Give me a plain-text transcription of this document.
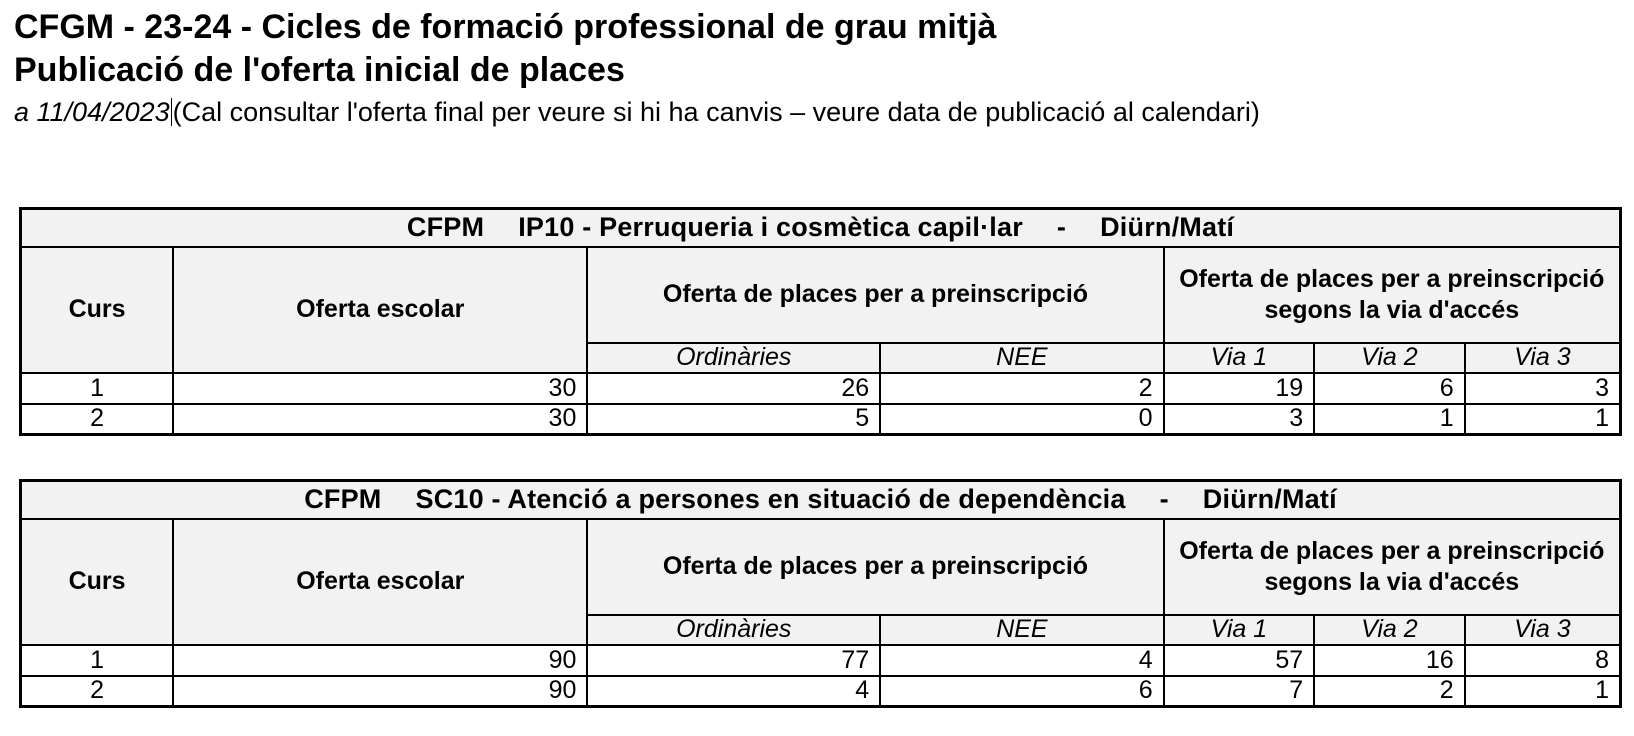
CFGM - 23-24 - Cicles de formació professional de grau mitjà
Publicació de l'oferta inicial de places
a 11/04/2023 (Cal consultar l'oferta final per veure si hi ha canvis – veure data de publicació al calendari)
CFPM IP10 - Perruqueria i cosmètica capil·lar - Diürn/Matí						
Curs	Oferta escolar	Oferta de places per a preinscripció		Oferta de places per a preinscripció segons la via d'accés		
		Ordinàries	NEE	Via 1	Via 2	Via 3
1	30	26	2	19	6	3
2	30	5	0	3	1	1
CFPM SC10 - Atenció a persones en situació de dependència - Diürn/Matí						
Curs	Oferta escolar	Oferta de places per a preinscripció		Oferta de places per a preinscripció segons la via d'accés		
		Ordinàries	NEE	Via 1	Via 2	Via 3
1	90	77	4	57	16	8
2	90	4	6	7	2	1
